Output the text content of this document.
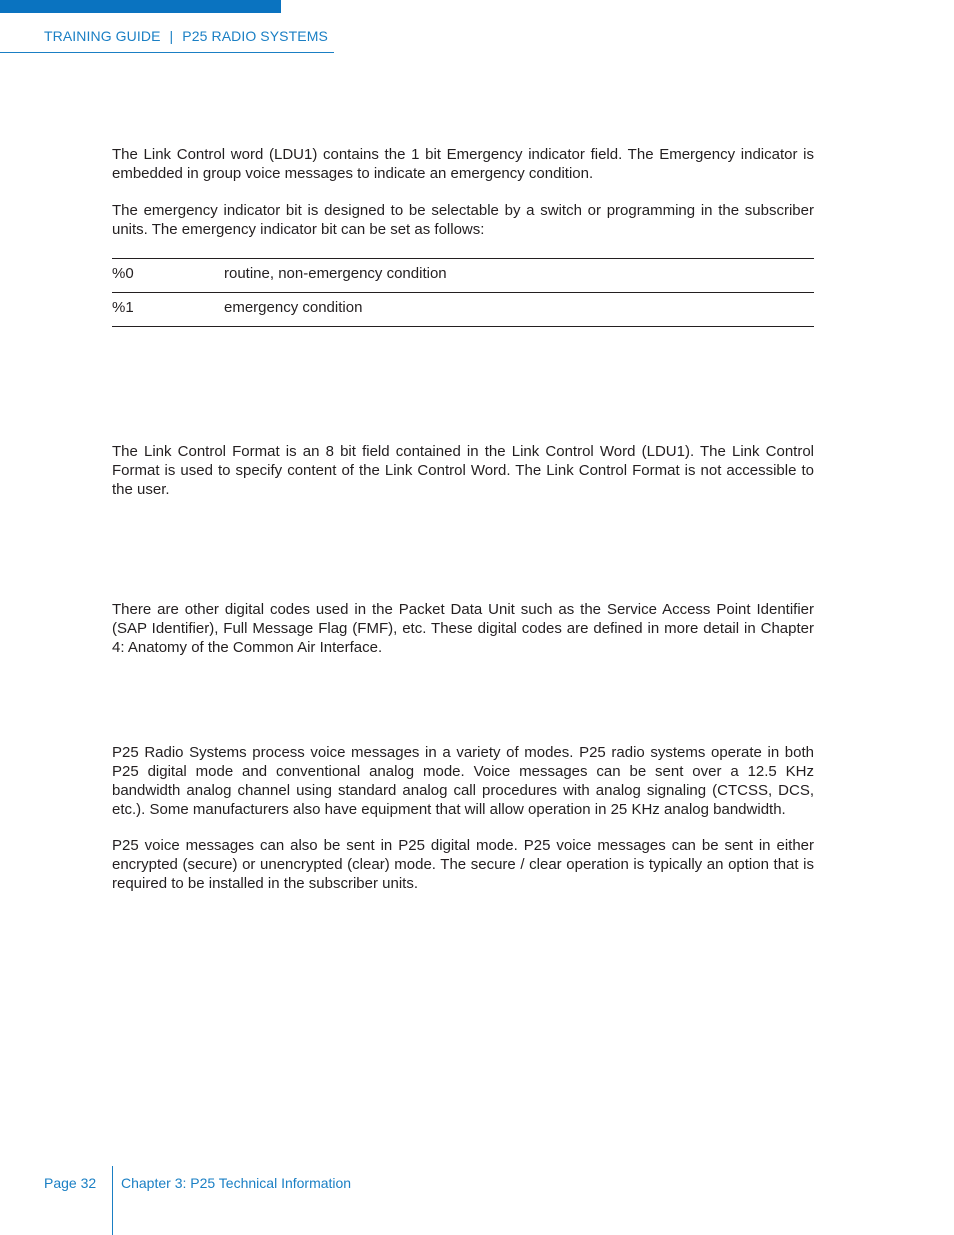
TRAINING GUIDE | P25 RADIO SYSTEMS

The Link Control word (LDU1) contains the 1 bit Emergency indicator field. The Emergency indicator is embedded in group voice messages to indicate an emergency condition.

The emergency indicator bit is designed to be selectable by a switch or programming in the subscriber units. The emergency indicator bit can be set as follows:

%0	routine, non-emergency condition
%1	emergency condition

The Link Control Format is an 8 bit field contained in the Link Control Word (LDU1). The Link Control Format is used to specify content of the Link Control Word. The Link Control Format is not accessible to the user.

There are other digital codes used in the Packet Data Unit such as the Service Access Point Identifier (SAP Identifier), Full Message Flag (FMF), etc. These digital codes are defined in more detail in Chapter 4: Anatomy of the Common Air Interface.

P25 Radio Systems process voice messages in a variety of modes. P25 radio systems operate in both P25 digital mode and conventional analog mode. Voice messages can be sent over a 12.5 KHz bandwidth analog channel using standard analog call procedures with analog signaling (CTCSS, DCS, etc.). Some manufacturers also have equipment that will allow operation in 25 KHz analog bandwidth.

P25 voice messages can also be sent in P25 digital mode. P25 voice messages can be sent in either encrypted (secure) or unencrypted (clear) mode. The secure / clear operation is typically an option that is required to be installed in the subscriber units.

Page 32 Chapter 3: P25 Technical Information
